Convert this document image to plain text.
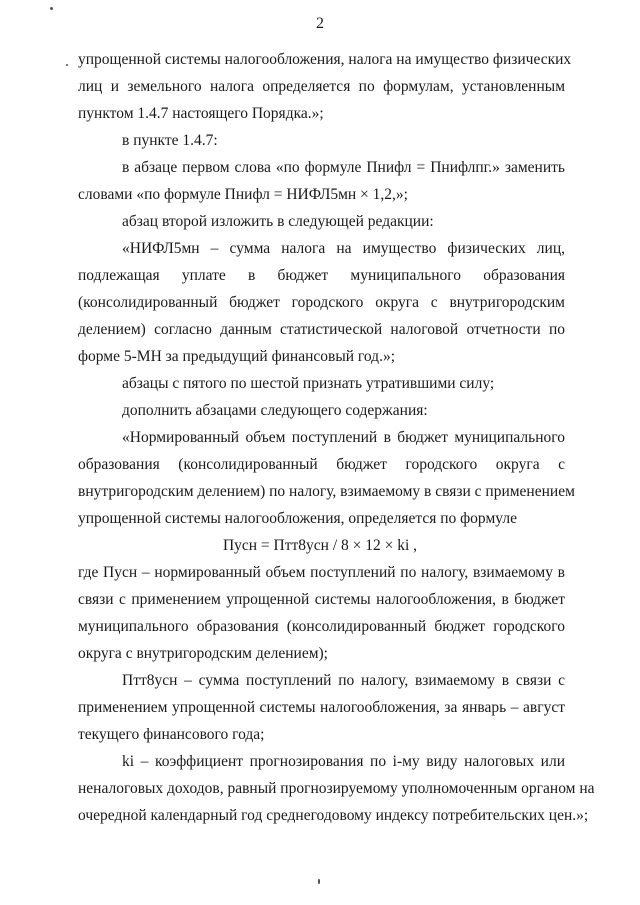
2
упрощенной системы налогообложения, налога на имущество физических
лиц и земельного налога определяется по формулам, установленным
пунктом 1.4.7 настоящего Порядка.»;
в пункте 1.4.7:
в абзаце первом слова «по формуле Пнифл = Пнифлпг.» заменить
словами «по формуле Пнифл = НИФЛ5мн × 1,2,»;
абзац второй изложить в следующей редакции:
«НИФЛ5мн – сумма налога на имущество физических лиц,
подлежащая уплате в бюджет муниципального образования
(консолидированный бюджет городского округа с внутригородским
делением) согласно данным статистической налоговой отчетности по
форме 5-МН за предыдущий финансовый год.»;
абзацы с пятого по шестой признать утратившими силу;
дополнить абзацами следующего содержания:
«Нормированный объем поступлений в бюджет муниципального
образования (консолидированный бюджет городского округа с
внутригородским делением) по налогу, взимаемому в связи с применением
упрощенной системы налогообложения, определяется по формуле
Пусн = Птт8усн / 8 × 12 × ki ,
где Пусн – нормированный объем поступлений по налогу, взимаемому в
связи с применением упрощенной системы налогообложения, в бюджет
муниципального образования (консолидированный бюджет городского
округа с внутригородским делением);
Птт8усн – сумма поступлений по налогу, взимаемому в связи с
применением упрощенной системы налогообложения, за январь – август
текущего финансового года;
ki – коэффициент прогнозирования по i-му виду налоговых или
неналоговых доходов, равный прогнозируемому уполномоченным органом на
очередной календарный год среднегодовому индексу потребительских цен.»;
